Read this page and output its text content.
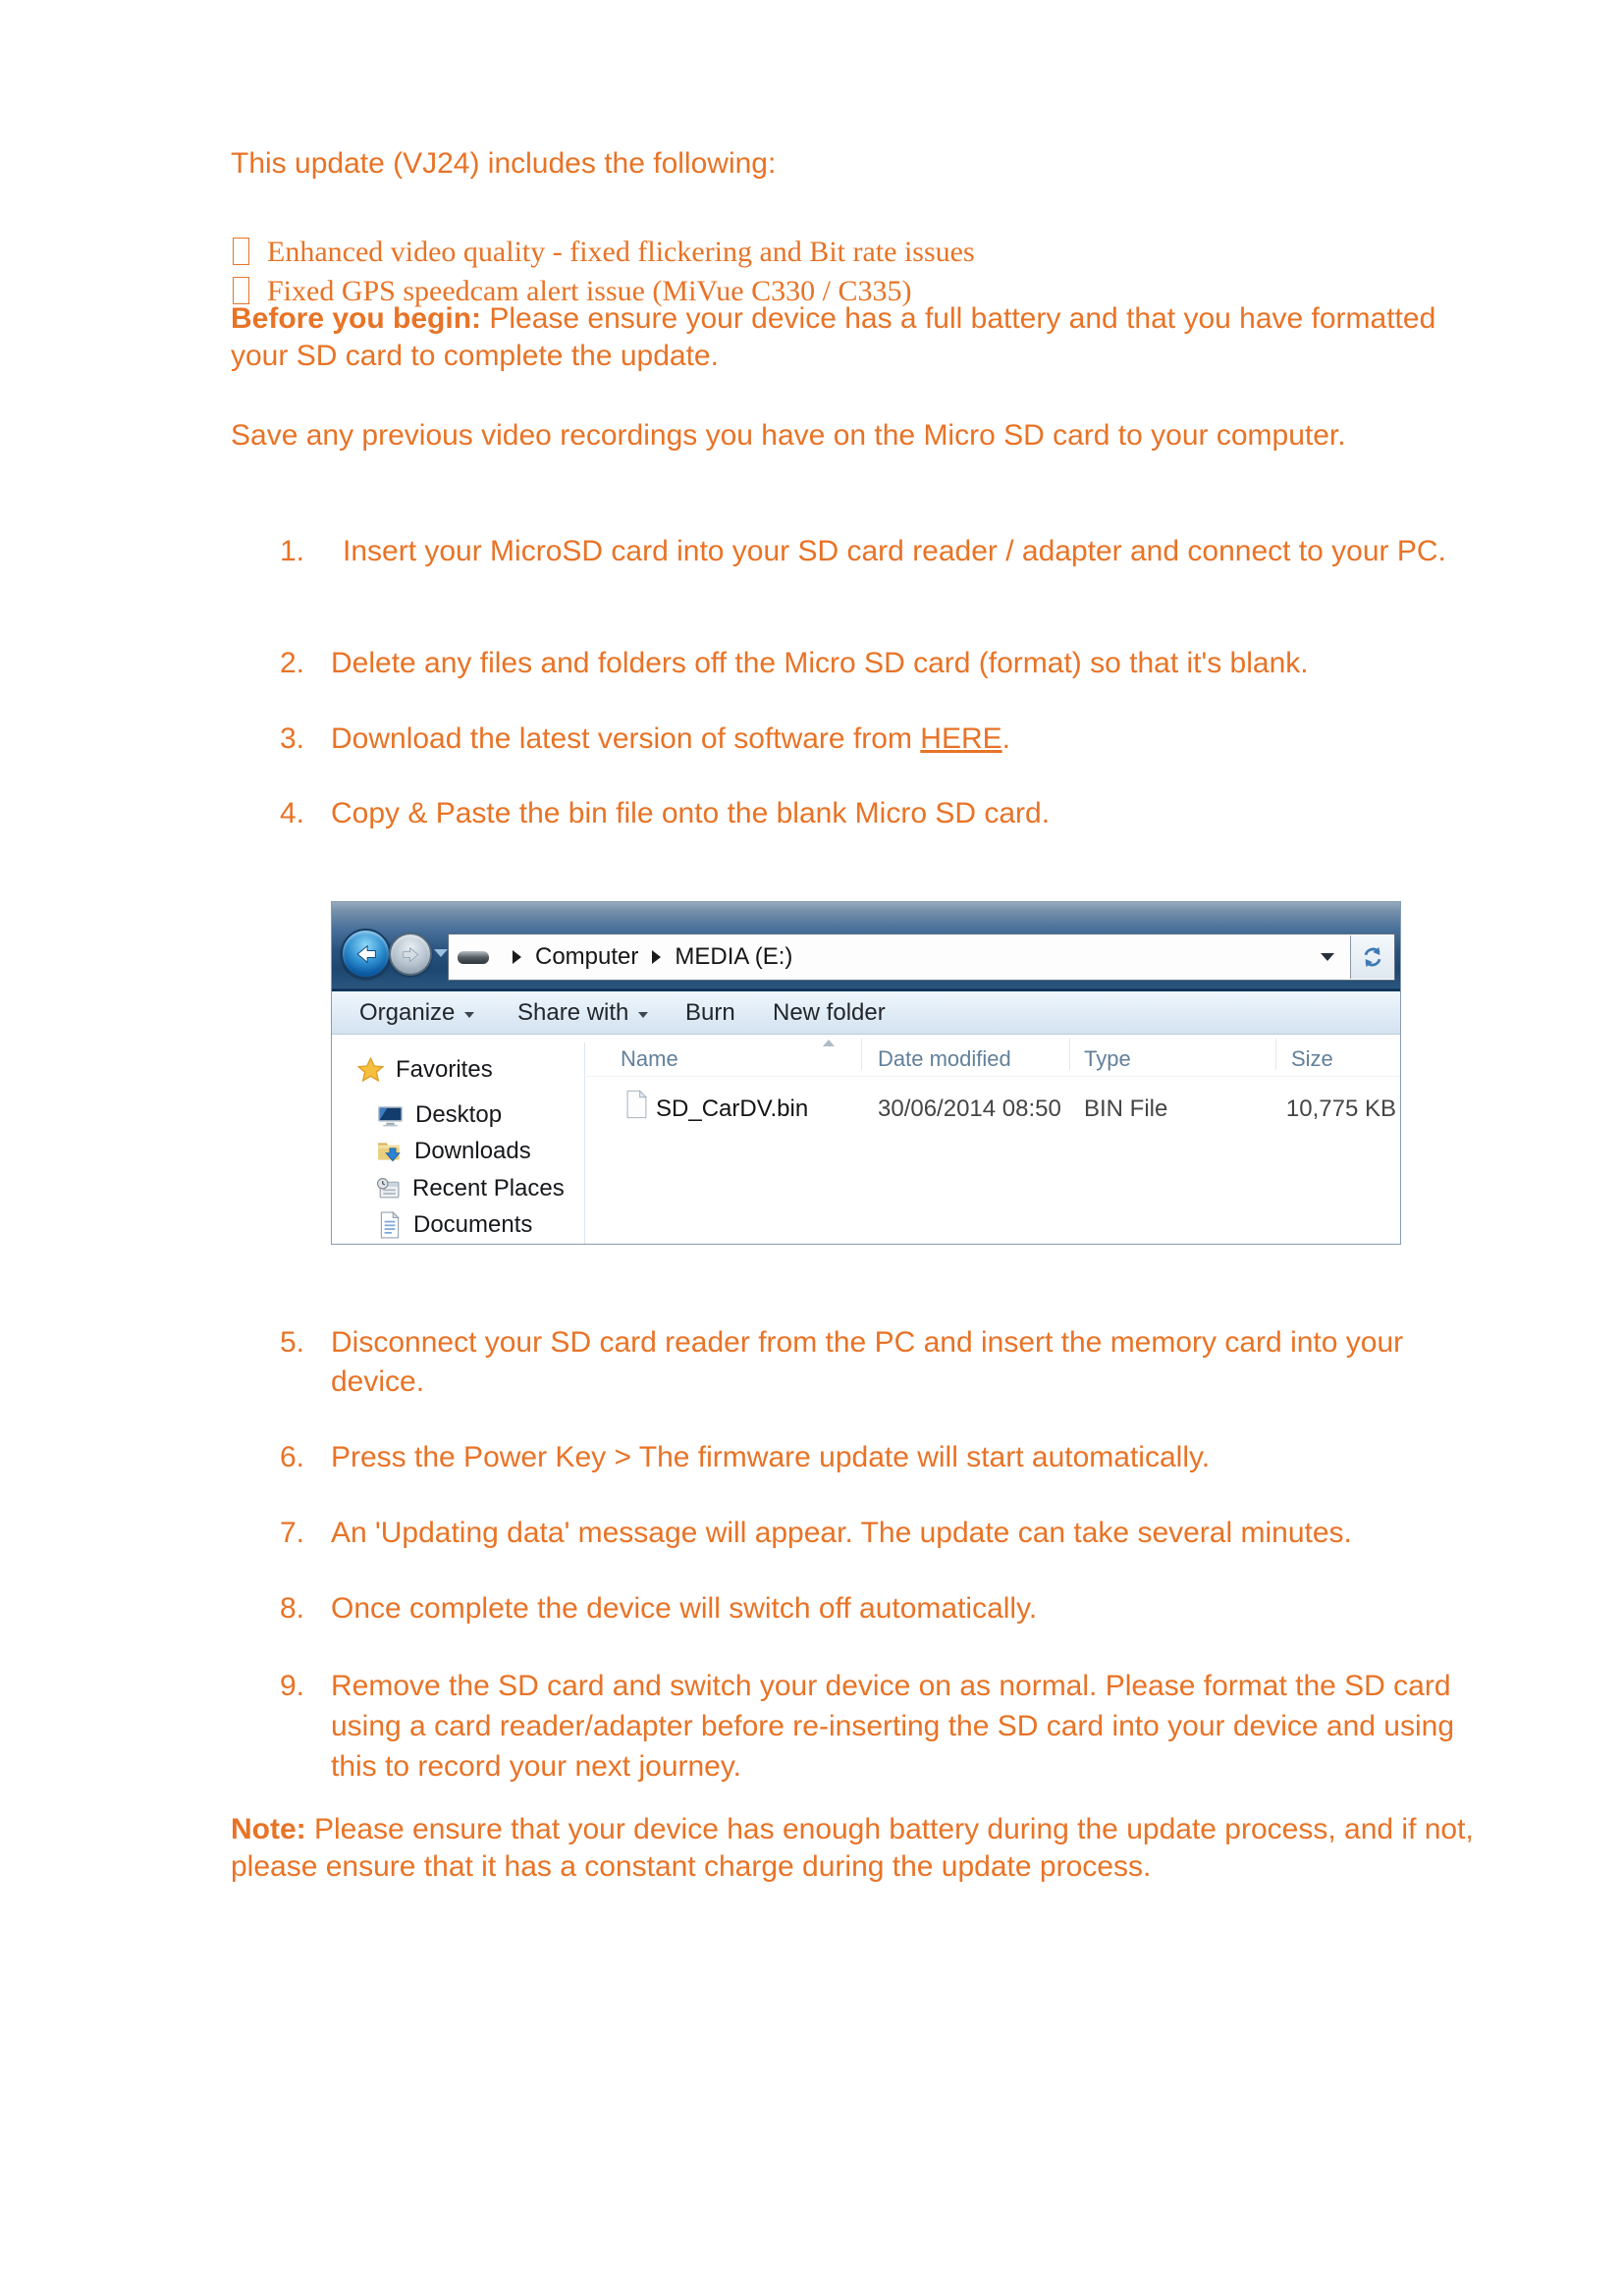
This update (VJ24) includes the following:
Enhanced video quality - fixed flickering and Bit rate issues
Fixed GPS speedcam alert issue (MiVue C330 / C335)
Before you begin: Please ensure your device has a full battery and that you have formatted your SD card to complete the update.
Save any previous video recordings you have on the Micro SD card to your computer.
1.	Insert your MicroSD card into your SD card reader / adapter and connect to your PC.
2. Delete any files and folders off the Micro SD card (format) so that it's blank.
3. Download the latest version of software from HERE.
4. Copy & Paste the bin file onto the blank Micro SD card.
Computer MEDIA (E:)
Organize	Share with Burn New folder
Name	Date modified	Type	Size
Favorites
Desktop
Downloads
Recent Places
Documents
SD_CarDV.bin	30/06/2014 08:50 BIN File	10,775 KB
5. Disconnect your SD card reader from the PC and insert the memory card into your device.
6. Press the Power Key > The firmware update will start automatically.
7. An 'Updating data' message will appear. The update can take several minutes.
8. Once complete the device will switch off automatically.
9. Remove the SD card and switch your device on as normal. Please format the SD card using a card reader/adapter before re-inserting the SD card into your device and using this to record your next journey.
Note: Please ensure that your device has enough battery during the update process, and if not, please ensure that it has a constant charge during the update process.
